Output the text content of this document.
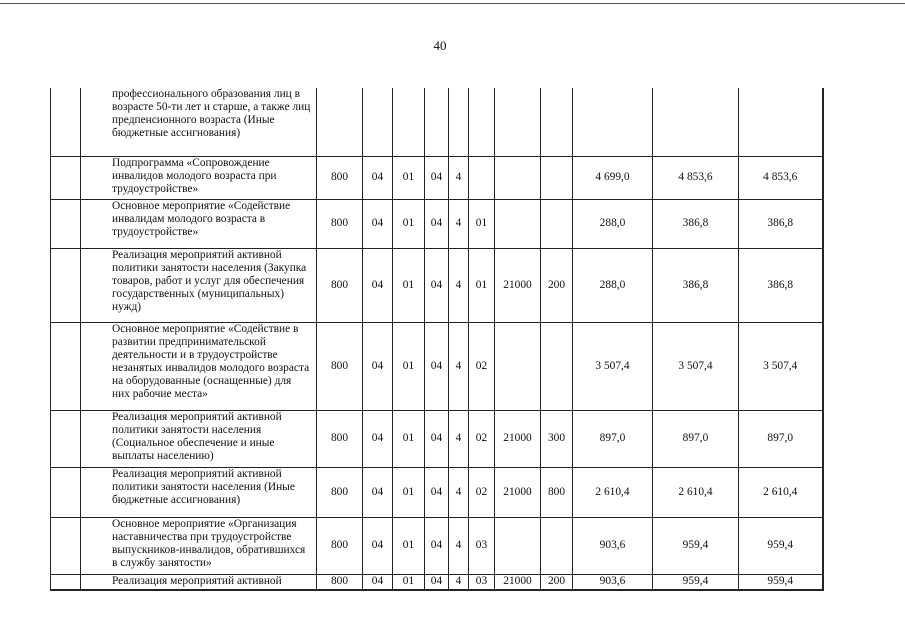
40
	профессионального образования лиц в возрасте 50-ти лет и старше, а также лиц предпенсионного возраста (Иные бюджетные ассигнования)											
	Подпрограмма «Сопровождение инвалидов молодого возраста при трудоустройстве»	800	04	01	04	4				4 699,0	4 853,6	4 853,6
	Основное мероприятие «Содействие инвалидам молодого возраста в трудоустройстве»	800	04	01	04	4	01			288,0	386,8	386,8
	Реализация мероприятий активной политики занятости населения (Закупка товаров, работ и услуг для обеспечения государственных (муниципальных) нужд)	800	04	01	04	4	01	21000	200	288,0	386,8	386,8
	Основное мероприятие «Содействие в развитии предпринимательской деятельности и в трудоустройстве незанятых инвалидов молодого возраста на оборудованные (оснащенные) для них рабочие места»	800	04	01	04	4	02			3 507,4	3 507,4	3 507,4
	Реализация мероприятий активной политики занятости населения (Социальное обеспечение и иные выплаты населению)	800	04	01	04	4	02	21000	300	897,0	897,0	897,0
	Реализация мероприятий активной политики занятости населения (Иные бюджетные ассигнования)	800	04	01	04	4	02	21000	800	2 610,4	2 610,4	2 610,4
	Основное мероприятие «Организация наставничества при трудоустройстве выпускников-инвалидов, обратившихся в службу занятости»	800	04	01	04	4	03			903,6	959,4	959,4
	Реализация мероприятий активной	800	04	01	04	4	03	21000	200	903,6	959,4	959,4
